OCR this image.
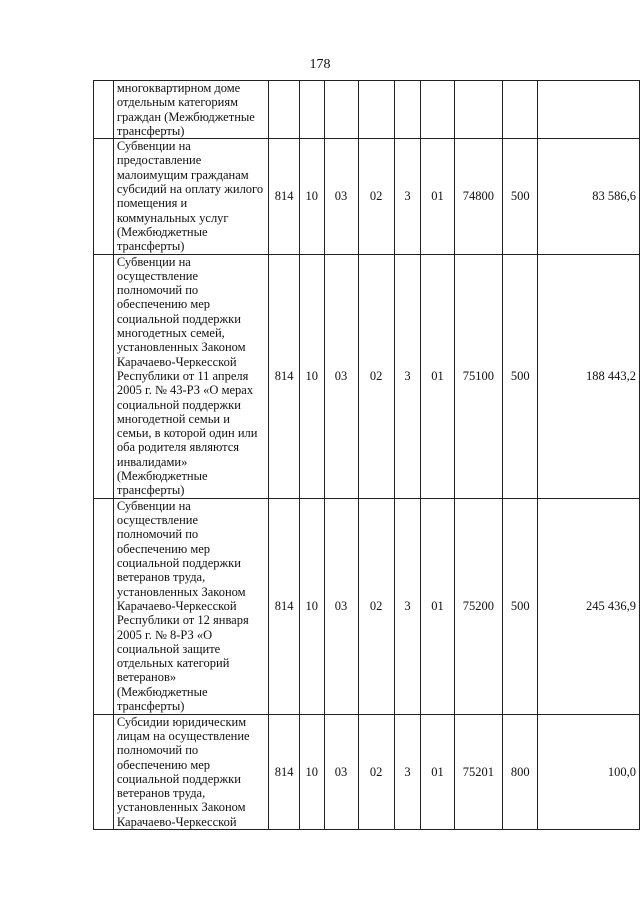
178
	многоквартирном доме отдельным категориям граждан (Межбюджетные трансферты)									
	Субвенции на предоставление малоимущим гражданам субсидий на оплату жилого помещения и коммунальных услуг (Межбюджетные трансферты)	814	10	03	02	3	01	74800	500	83 586,6
	Субвенции на осуществление полномочий по обеспечению мер социальной поддержки многодетных семей, установленных Законом Карачаево-Черкесской Республики от 11 апреля 2005 г. № 43-РЗ «О мерах социальной поддержки многодетной семьи и семьи, в которой один или оба родителя являются инвалидами» (Межбюджетные трансферты)	814	10	03	02	3	01	75100	500	188 443,2
	Субвенции на осуществление полномочий по обеспечению мер социальной поддержки ветеранов труда, установленных Законом Карачаево-Черкесской Республики от 12 января 2005 г. № 8-РЗ «О социальной защите отдельных категорий ветеранов» (Межбюджетные трансферты)	814	10	03	02	3	01	75200	500	245 436,9
	Субсидии юридическим лицам на осуществление полномочий по обеспечению мер социальной поддержки ветеранов труда, установленных Законом Карачаево-Черкесской	814	10	03	02	3	01	75201	800	100,0
